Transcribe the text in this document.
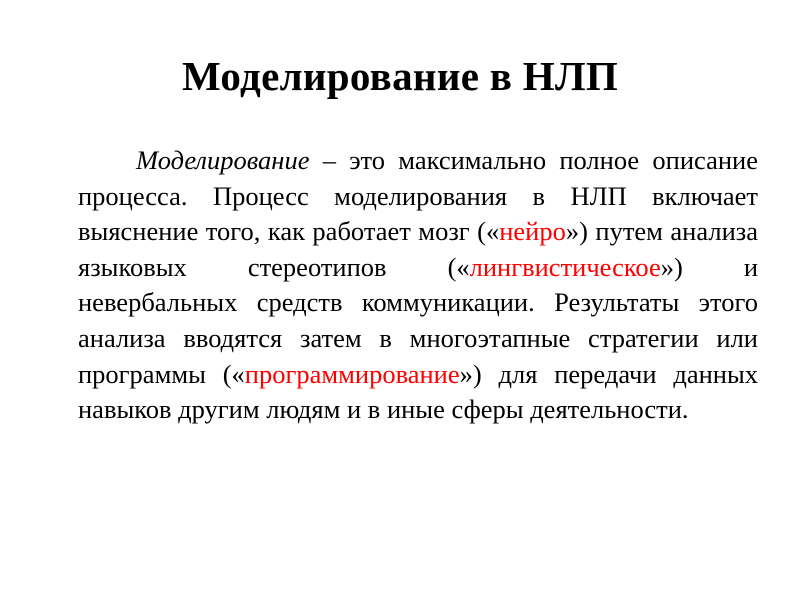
Моделирование в НЛП

Моделирование – это максимально полное описание процесса. Процесс моделирования в НЛП включает выяснение того, как работает мозг («нейро») путем анализа языковых стереотипов («лингвистическое») и невербальных средств коммуникации. Результаты этого анализа вводятся затем в многоэтапные стратегии или программы («программирование») для передачи данных навыков другим людям и в иные сферы деятельности.
